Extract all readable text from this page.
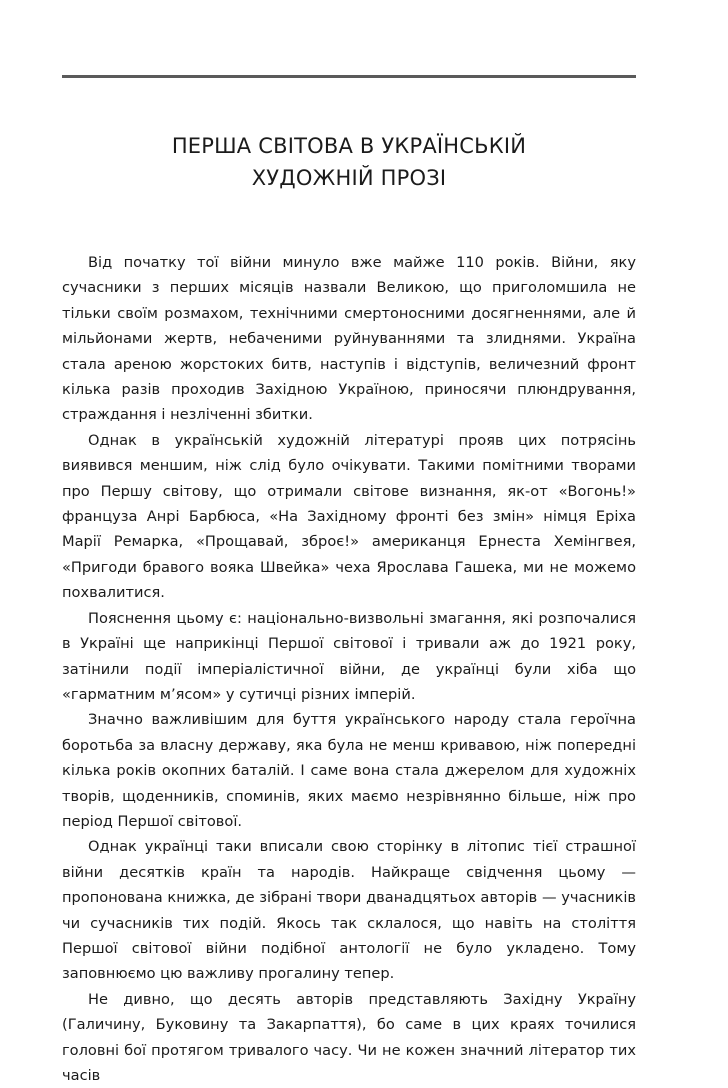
ПЕРША СВІТОВА В УКРАЇНСЬКІЙ
ХУДОЖНІЙ ПРОЗІ

Від початку тої війни минуло вже майже 110 років. Війни, яку сучасники з перших місяців назвали Великою, що приголомшила не тільки своїм розмахом, технічними смертоносними досягненнями, але й мільйонами жертв, небаченими руйнуваннями та злиднями. Україна стала ареною жорстоких битв, наступів і відступів, величезний фронт кілька разів проходив Західною Україною, приносячи плюндрування, страждання і незліченні збитки.

Однак в українській художній літературі прояв цих потрясінь виявився меншим, ніж слід було очікувати. Такими помітними творами про Першу світову, що отримали світове визнання, як-от «Вогонь!» француза Анрі Барбюса, «На Західному фронті без змін» німця Еріха Марії Ремарка, «Прощавай, зброє!» американця Ернеста Хемінгвея, «Пригоди бравого вояка Швейка» чеха Ярослава Гашека, ми не можемо похвалитися.

Пояснення цьому є: національно-визвольні змагання, які розпочалися в Україні ще наприкінці Першої світової і тривали аж до 1921 року, затінили події імперіалістичної війни, де українці були хіба що «гарматним м’ясом» у сутичці різних імперій.

Значно важливішим для буття українського народу стала героїчна боротьба за власну державу, яка була не менш кривавою, ніж попередні кілька років окопних баталій. І саме вона стала джерелом для художніх творів, щоденників, споминів, яких маємо незрівнянно більше, ніж про період Першої світової.

Однак українці таки вписали свою сторінку в літопис тієї страшної війни десятків країн та народів. Найкраще свідчення цьому — пропонована книжка, де зібрані твори дванадцятьох авторів — учасників чи сучасників тих подій. Якось так склалося, що навіть на століття Першої світової війни подібної антології не було укладено. Тому заповнюємо цю важливу прогалину тепер.

Не дивно, що десять авторів представляють Західну Україну (Галичину, Буковину та Закарпаття), бо саме в цих краях точилися головні бої протягом тривалого часу. Чи не кожен значний літератор тих часів
